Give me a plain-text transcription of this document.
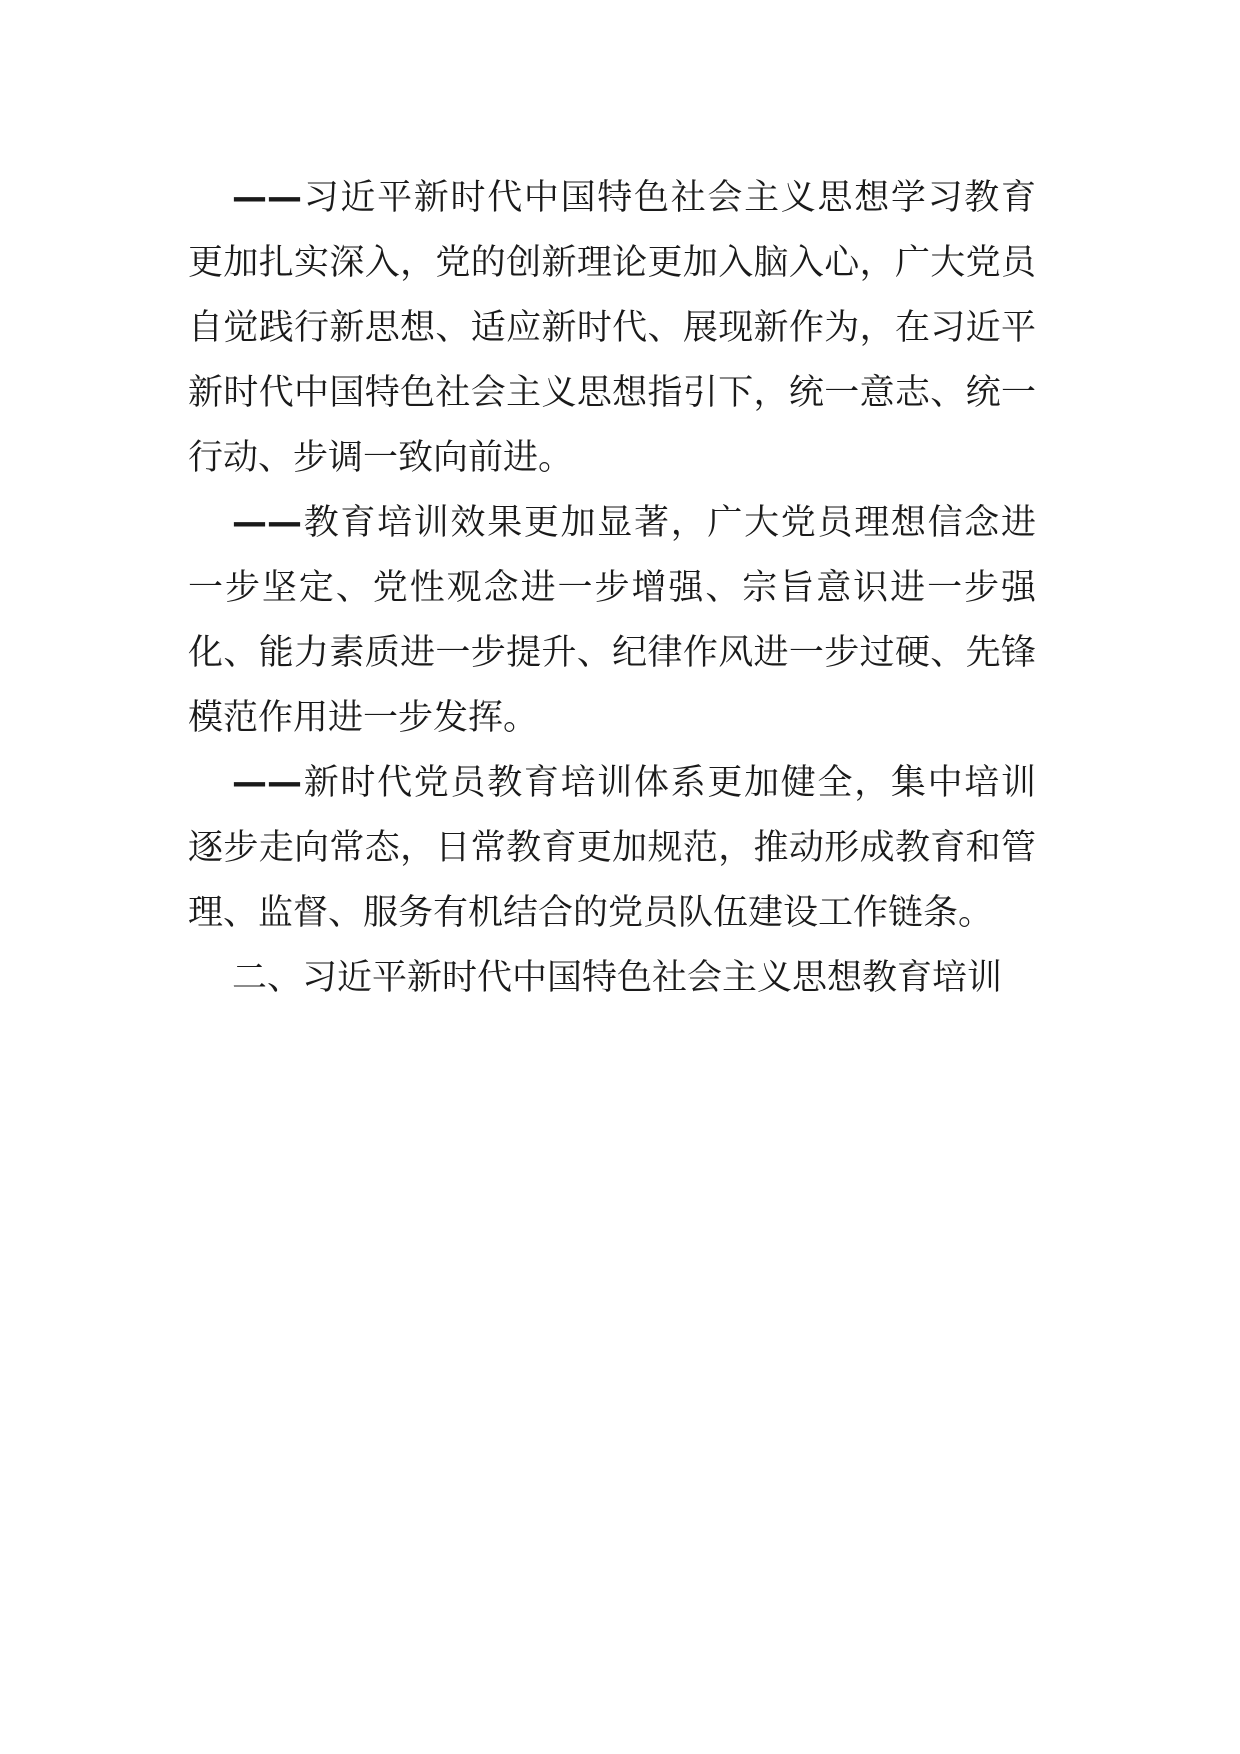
——习近平新时代中国特色社会主义思想学习教育更加扎实深入，党的创新理论更加入脑入心，广大党员自觉践行新思想、适应新时代、展现新作为，在习近平新时代中国特色社会主义思想指引下，统一意志、统一行动、步调一致向前进。

——教育培训效果更加显著，广大党员理想信念进一步坚定、党性观念进一步增强、宗旨意识进一步强化、能力素质进一步提升、纪律作风进一步过硬、先锋模范作用进一步发挥。

——新时代党员教育培训体系更加健全，集中培训逐步走向常态，日常教育更加规范，推动形成教育和管理、监督、服务有机结合的党员队伍建设工作链条。

二、习近平新时代中国特色社会主义思想教育培训
